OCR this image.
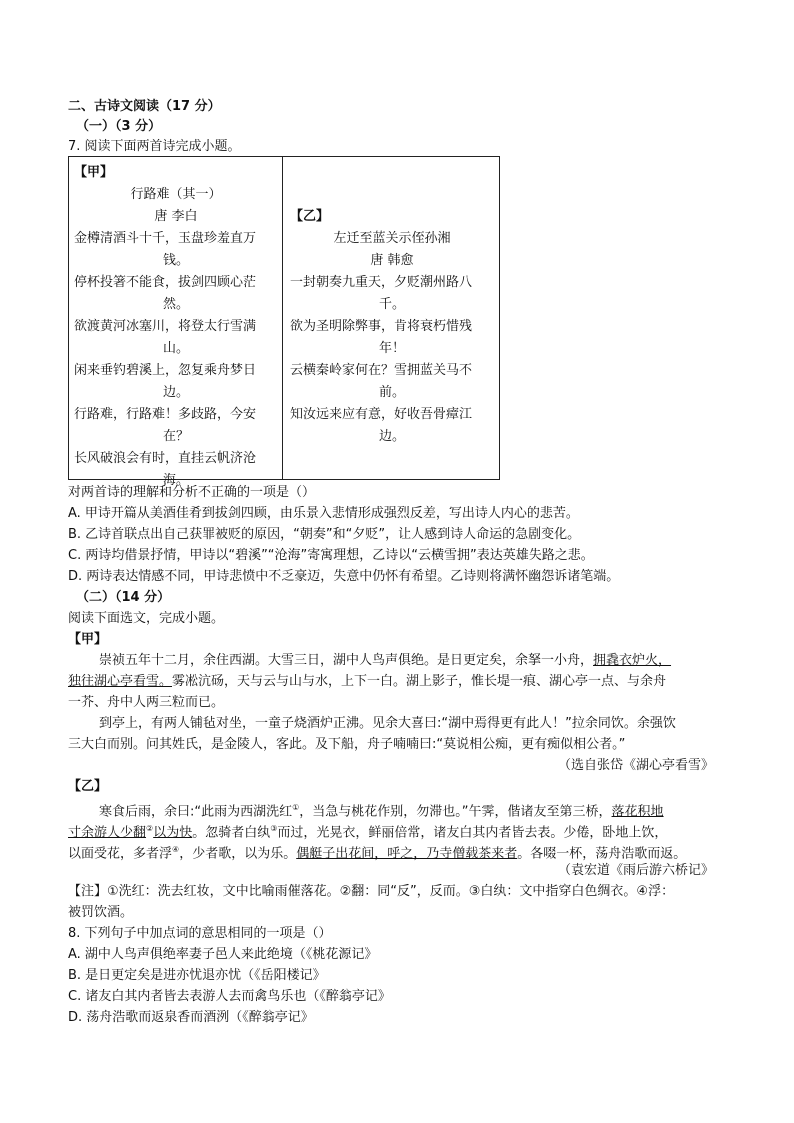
二、古诗文阅读（17 分）
（一）（3 分）
7. 阅读下面两首诗完成小题。
【甲】
行路难（其一）
唐 李白
金樽清酒斗十千，玉盘珍羞直万
钱。
停杯投箸不能食，拔剑四顾心茫
然。
欲渡黄河冰塞川，将登太行雪满
山。
闲来垂钓碧溪上，忽复乘舟梦日
边。
行路难，行路难！多歧路，今安
在？
长风破浪会有时，直挂云帆济沧
海。
【乙】
左迁至蓝关示侄孙湘
唐 韩愈
一封朝奏九重天，夕贬潮州路八
千。
欲为圣明除弊事，肯将衰朽惜残
年！
云横秦岭家何在？雪拥蓝关马不
前。
知汝远来应有意，好收吾骨瘴江
边。
对两首诗的理解和分析不正确的一项是（）
A. 甲诗开篇从美酒佳肴到拔剑四顾，由乐景入悲情形成强烈反差，写出诗人内心的悲苦。
B. 乙诗首联点出自己获罪被贬的原因，“朝奏”和“夕贬”，让人感到诗人命运的急剧变化。
C. 两诗均借景抒情，甲诗以“碧溪”“沧海”寄寓理想，乙诗以“云横雪拥”表达英雄失路之悲。
D. 两诗表达情感不同，甲诗悲愤中不乏豪迈，失意中仍怀有希望。乙诗则将满怀幽怨诉诸笔端。
（二）（14 分）
阅读下面选文，完成小题。
【甲】
崇祯五年十二月，余住西湖。大雪三日，湖中人鸟声俱绝。是日更定矣，余拏一小舟，拥毳衣炉火，
独往湖心亭看雪。雾凇沆砀，天与云与山与水，上下一白。湖上影子，惟长堤一痕、湖心亭一点、与余舟
一芥、舟中人两三粒而已。
到亭上，有两人铺毡对坐，一童子烧酒炉正沸。见余大喜曰:“湖中焉得更有此人！”拉余同饮。余强饮
三大白而别。问其姓氏，是金陵人，客此。及下船，舟子喃喃曰:“莫说相公痴，更有痴似相公者。”
（选自张岱《湖心亭看雪》
【乙】
寒食后雨，余曰:“此雨为西湖洗红①，当急与桃花作别，勿滞也。”午霁，偕诸友至第三桥，落花积地
寸余游人少翻②以为快。忽骑者白纨③而过，光晃衣，鲜丽倍常，诸友白其内者皆去表。少倦，卧地上饮，
以面受花，多者浮④，少者歌，以为乐。偶艇子出花间，呼之，乃寺僧载茶来者。各啜一杯，荡舟浩歌而返。
（袁宏道《雨后游六桥记》
【注】①洗红：洗去红妆，文中比喻雨催落花。②翻：同“反”，反而。③白纨：文中指穿白色绸衣。④浮：
被罚饮酒。
8. 下列句子中加点词的意思相同的一项是（）
A. 湖中人鸟声俱绝率妻子邑人来此绝境（《桃花源记》
B. 是日更定矣是进亦忧退亦忧（《岳阳楼记》
C. 诸友白其内者皆去表游人去而禽鸟乐也（《醉翁亭记》
D. 荡舟浩歌而返泉香而酒洌（《醉翁亭记》
